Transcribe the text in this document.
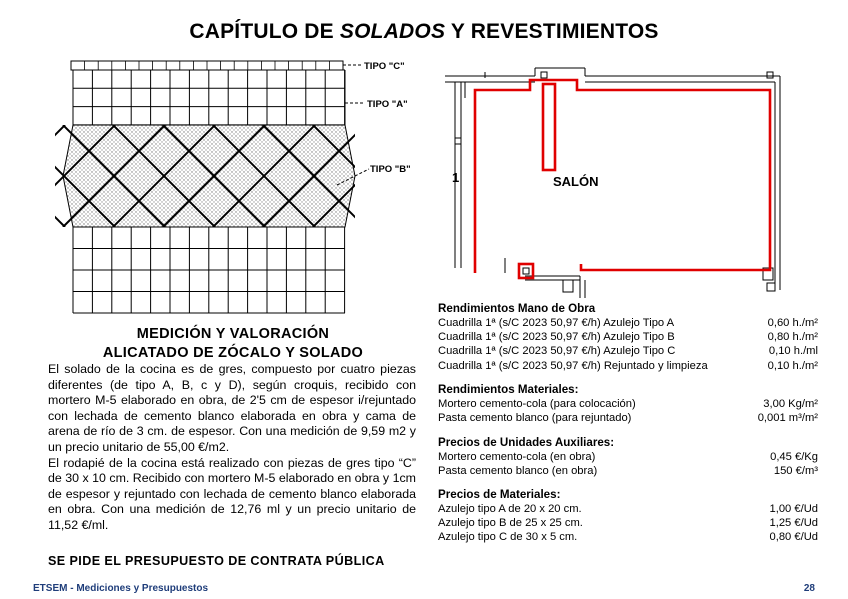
CAPÍTULO DE SOLADOS Y REVESTIMIENTOS
TIPO "C"
TIPO "A"
TIPO "B"
1	SALÓN
MEDICIÓN Y VALORACIÓN
ALICATADO DE ZÓCALO Y SOLADO

El solado de la cocina es de gres, compuesto por cuatro piezas diferentes (de tipo A, B, c y D), según croquis, recibido con mortero M-5 elaborado en obra, de 2'5 cm de espesor i/rejuntado con lechada de cemento blanco elaborada en obra y cama de arena de río de 3 cm. de espesor. Con una medición de 9,59 m2 y un precio unitario de 55,00 €/m2.

El rodapié de la cocina está realizado con piezas de gres tipo “C” de 30 x 10 cm. Recibido con mortero M-5 elaborado en obra y 1cm de espesor y rejuntado con lechada de cemento blanco elaborada en obra. Con una medición de 12,76 ml y un precio unitario de 11,52 €/ml.

SE PIDE EL PRESUPUESTO DE CONTRATA PÚBLICA
Rendimientos Mano de Obra
Cuadrilla 1ª (s/C 2023 50,97 €/h) Azulejo Tipo A	0,60 h./m²
Cuadrilla 1ª (s/C 2023 50,97 €/h) Azulejo Tipo B	0,80 h./m²
Cuadrilla 1ª (s/C 2023 50,97 €/h) Azulejo Tipo C	0,10 h./ml
Cuadrilla 1ª (s/C 2023 50,97 €/h) Rejuntado y limpieza	0,10 h./m²
Rendimientos Materiales:
Mortero cemento-cola (para colocación)	3,00 Kg/m²
Pasta cemento blanco (para rejuntado)	0,001 m³/m²
Precios de Unidades Auxiliares:
Mortero cemento-cola (en obra)	0,45 €/Kg
Pasta cemento blanco (en obra)	150 €/m³
Precios de Materiales:
Azulejo tipo A de 20 x 20 cm.	1,00 €/Ud
Azulejo tipo B de 25 x 25 cm.	1,25 €/Ud
Azulejo tipo C de 30 x 5 cm.	0,80 €/Ud
ETSEM - Mediciones y Presupuestos	28
